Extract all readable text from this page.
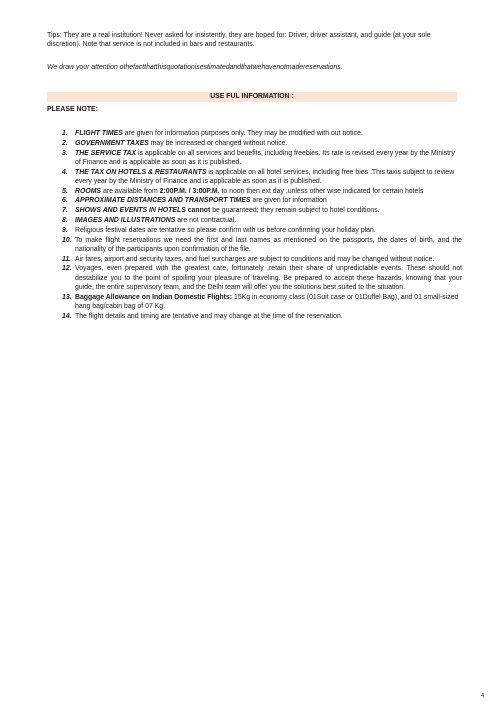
Tips: They are a real institution! Never asked for insistently, they are hoped for: Driver, driver assistant, and guide (at your sole discretion). Note that service is not included in bars and restaurants.
We draw your attention othefactthatthisquotationisestimatedandthatwehavenotmadereservations.
USE FUL INFORMATION :
PLEASE NOTE:
1. FLIGHT TIMES are given for information purposes only. They may be modified with out notice.
2. GOVERNMENT TAXES may be increased or changed without notice.
3. THE SERVICE TAX is applicable on all services and benefits, including freebies. Its rate is revised every year by the Ministry of Finance and is applicable as soon as it is published.
4. THE TAX ON HOTELS & RESTAURANTS is applicable on all hotel services, including free bies .This taxis subject to review every year by the Ministry of Finance and is applicable as soon as it is published.
5. ROOMS are available from 2:00P.M. / 3:00P.M. to noon then ext day ,unless other wise indicated for certain hotels
6. APPROXIMATE DISTANCES AND TRANSPORT TIMES are given for information
7. SHOWS AND EVENTS IN HOTELS cannot be guaranteed; they remain subject to hotel conditions.
8. IMAGES AND ILLUSTRATIONS are not contractual.
9. Religious festival dates are tentative so please confirm with us before confirming your holiday plan.
10. To make flight reservations we need the first and last names as mentioned on the passports, the dates of birth, and the nationality of the participants upon confirmation of the file.
11. Air fares, airport and security taxes, and fuel surcharges are subject to conditions and may be changed without notice.
12. Voyages, even prepared with the greatest care, fortunately ,retain their share of unpredictable events. These should not destabilize you to the point of spoiling your pleasure of traveling. Be prepared to accept these hazards, knowing that your guide, the entire supervisory team, and the Delhi team will offer you the solutions best suited to the situation.
13. Baggage Allowance on Indian Domestic Flights: 15Kg in economy class (01Suit case or 01Duffel Bag), and 01 small-sized hang bag/cabin bag of 07 Kg.
14. The flight details and timing are tentative and may change at the time of the reservation.
4
